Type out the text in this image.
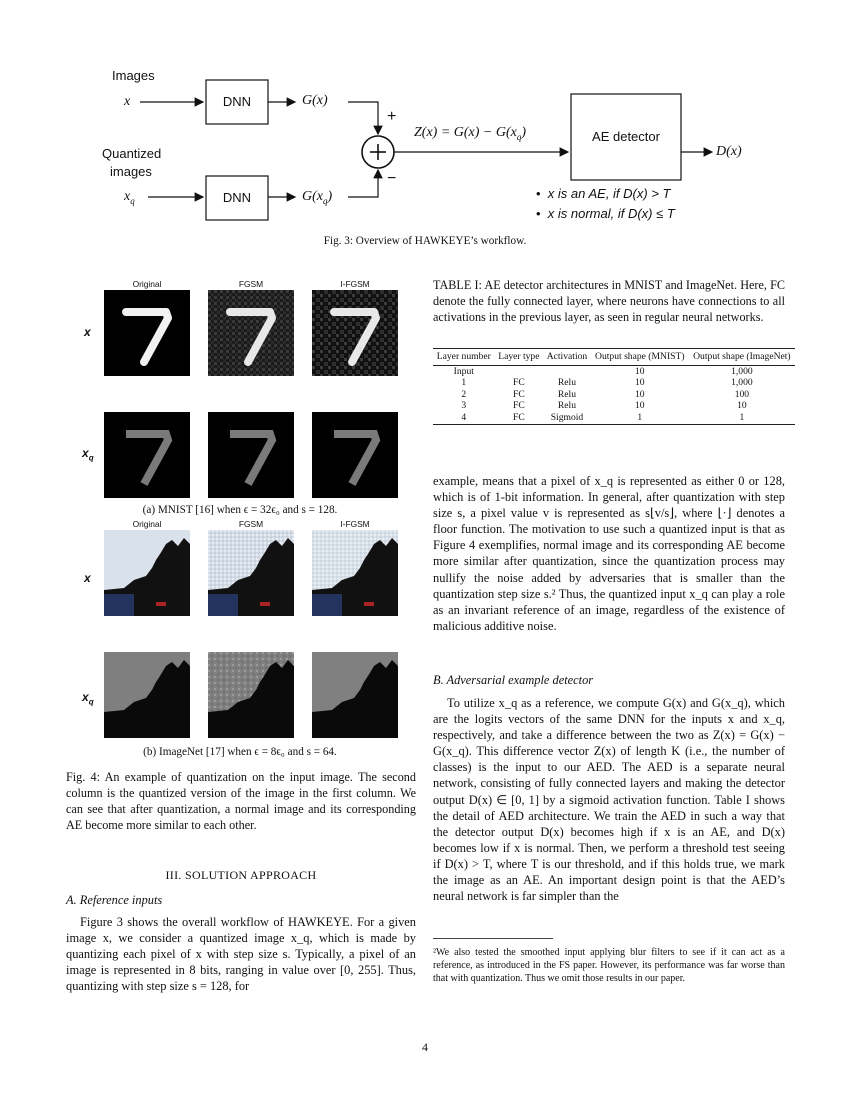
Images
x	DNN	G(x)
+
−
Quantized
images
$x_q$	DNN	$G(x_q)$
$Z(x) = G(x) - G(x_q)$	AE detector
D(x)
•  x is an AE, if D(x) > T
•  x is normal, if D(x) ≤ T
Fig. 3: Overview of HAWKEYE’s workflow.
Original	FGSM	I-FGSM
x
$x_q$
(a) MNIST [16] when ϵ = 32ϵ₀ and s = 128.
Original	FGSM	I-FGSM
x
$x_q$
(b) ImageNet [17] when ϵ = 8ϵ₀ and s = 64.
Fig. 4: An example of quantization on the input image. The second column is the quantized version of the image in the first column. We can see that after quantization, a normal image and its corresponding AE become more similar to each other.
III. SOLUTION APPROACH
A. Reference inputs
Figure 3 shows the overall workflow of HAWKEYE. For a given image x, we consider a quantized image x_q, which is made by quantizing each pixel of x with step size s. Typically, a pixel of an image is represented in 8 bits, ranging in value over [0, 255]. Thus, quantizing with step size s = 128, for
TABLE I: AE detector architectures in MNIST and ImageNet. Here, FC denote the fully connected layer, where neurons have connections to all activations in the previous layer, as seen in regular neural networks.
Layer number	Layer type	Activation	Output shape (MNIST)	Output shape (ImageNet)
Input			10	1,000
1	FC	Relu	10	1,000
2	FC	Relu	10	100
3	FC	Relu	10	10
4	FC	Sigmoid	1	1
example, means that a pixel of x_q is represented as either 0 or 128, which is of 1-bit information. In general, after quantization with step size s, a pixel value v is represented as s⌊v/s⌋, where ⌊·⌋ denotes a floor function. The motivation to use such a quantized input is that as Figure 4 exemplifies, normal image and its corresponding AE become more similar after quantization, since the quantization process may nullify the noise added by adversaries that is smaller than the quantization step size s.² Thus, the quantized input x_q can play a role as an invariant reference of an image, regardless of the existence of malicious additive noise.
B. Adversarial example detector
To utilize x_q as a reference, we compute G(x) and G(x_q), which are the logits vectors of the same DNN for the inputs x and x_q, respectively, and take a difference between the two as Z(x) = G(x) − G(x_q). This difference vector Z(x) of length K (i.e., the number of classes) is the input to our AED. The AED is a separate neural network, consisting of fully connected layers and making the detector output D(x) ∈ [0, 1] by a sigmoid activation function. Table I shows the detail of AED architecture. We train the AED in such a way that the detector output D(x) becomes high if x is an AE, and D(x) becomes low if x is normal. Then, we perform a threshold test seeing if D(x) > T, where T is our threshold, and if this holds true, we mark the image as an AE. An important design point is that the AED’s neural network is far simpler than the
²We also tested the smoothed input applying blur filters to see if it can act as a reference, as introduced in the FS paper. However, its performance was far worse than that with quantization. Thus we omit those results in our paper.
4
